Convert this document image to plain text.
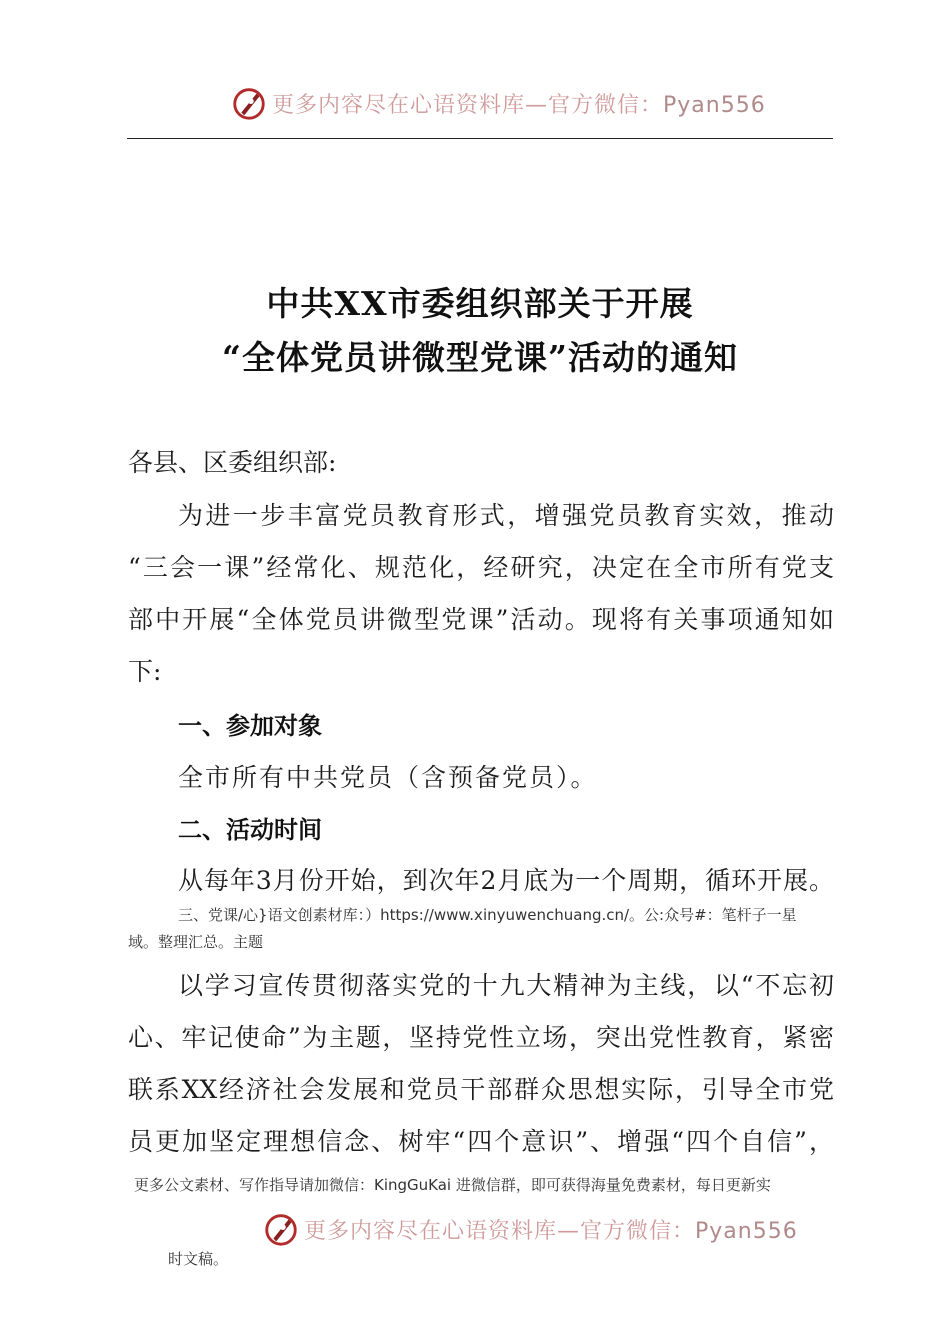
更多内容尽在心语资料库—官方微信：Pyan556
中共XX市委组织部关于开展
“全体党员讲微型党课”活动的通知
各县、区委组织部:
为进一步丰富党员教育形式，增强党员教育实效，推动
“三会一课”经常化、规范化，经研究，决定在全市所有党支
部中开展“全体党员讲微型党课”活动。现将有关事项通知如
下:
一、参加对象
全市所有中共党员（含预备党员）。
二、活动时间
从每年3月份开始，到次年2月底为一个周期，循环开展。
三、党课/心}语文创素材库：）https://www.xinyuwenchuang.cn/。公:众号#：笔杆子一星
域。整理汇总。主题
以学习宣传贯彻落实党的十九大精神为主线，以“不忘初
心、牢记使命”为主题，坚持党性立场，突出党性教育，紧密
联系XX经济社会发展和党员干部群众思想实际，引导全市党
员更加坚定理想信念、树牢“四个意识”、增强“四个自信”，
更多公文素材、写作指导请加微信：KingGuKai 进微信群，即可获得海量免费素材，每日更新实
更多内容尽在心语资料库—官方微信：Pyan556
时文稿。
